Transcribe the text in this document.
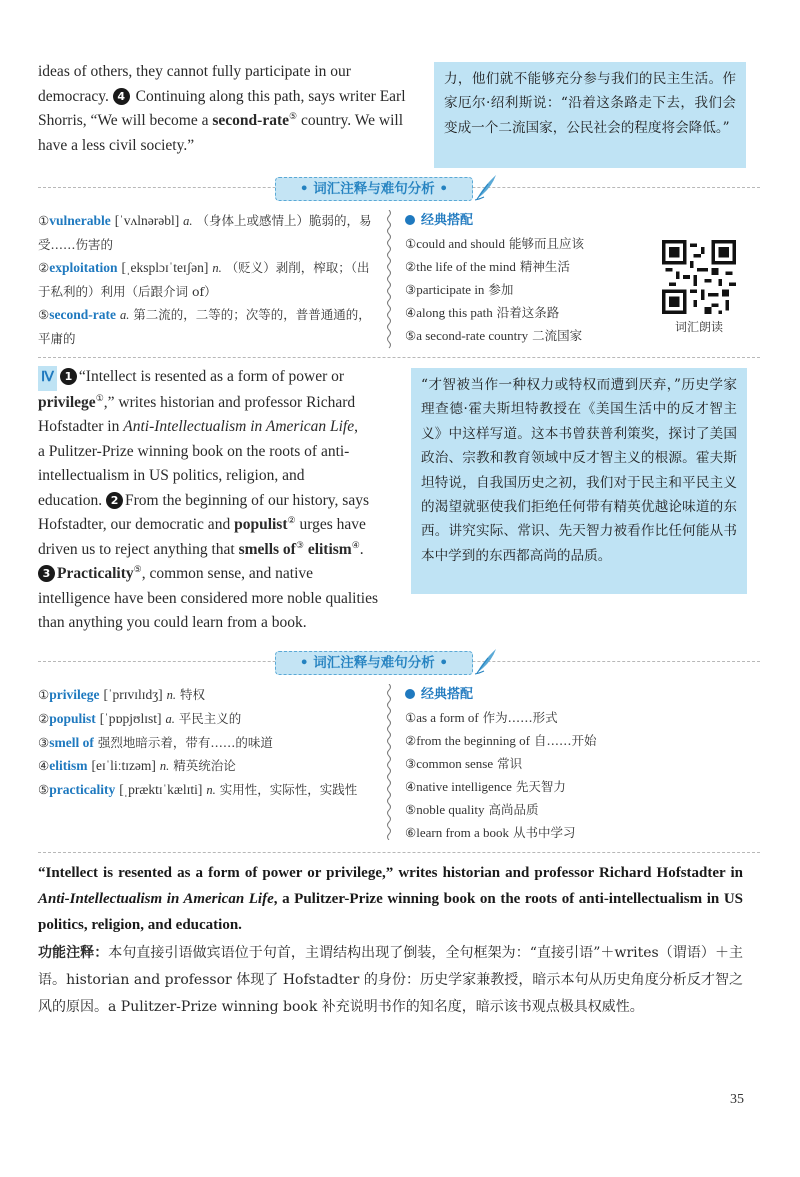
ideas of others, they cannot fully participate in our
democracy. 4 Continuing along this path, says writer Earl
Shorris, “We will become a second-rate⑤ country. We will
have a less civil society.”
力，他们就不能够充分参与我们的民主生活。作家厄尔·绍利斯说：“沿着这条路走下去，我们会变成一个二流国家，公民社会的程度将会降低。”
• 词汇注释与难句分析 •
①vulnerable [ˈvʌlnərəbl] a. （身体上或感情上）脆弱的，易受……伤害的
②exploitation [ˌeksplɔɪˈteɪʃən] n. （贬义）剥削，榨取；（出于私利的）利用（后跟介词 of）
⑤second-rate a. 第二流的，二等的；次等的，普普通通的，平庸的
经典搭配
①could and should 能够而且应该
②the life of the mind 精神生活
③participate in 参加
④along this path 沿着这条路
⑤a second-rate country 二流国家
词汇朗读
Ⅳ 1 “Intellect is resented as a form of power or
privilege①,” writes historian and professor Richard
Hofstadter in Anti-Intellectualism in American Life,
a Pulitzer-Prize winning book on the roots of anti-
intellectualism in US politics, religion, and
education. 2 From the beginning of our history, says
Hofstadter, our democratic and populist② urges have
driven us to reject anything that smells of③ elitism④.
3 Practicality⑤, common sense, and native
intelligence have been considered more noble qualities
than anything you could learn from a book.
“才智被当作一种权力或特权而遭到厌弃，”历史学家理查德·霍夫斯坦特教授在《美国生活中的反才智主义》中这样写道。这本书曾获普利策奖，探讨了美国政治、宗教和教育领域中反才智主义的根源。霍夫斯坦特说，自我国历史之初，我们对于民主和平民主义的渴望就驱使我们拒绝任何带有精英优越论味道的东西。讲究实际、常识、先天智力被看作比任何能从书本中学到的东西都高尚的品质。
• 词汇注释与难句分析 •
①privilege [ˈprɪvɪlɪdʒ] n. 特权
②populist [ˈpɒpjʊlɪst] a. 平民主义的
③smell of 强烈地暗示着，带有……的味道
④elitism [eɪˈliːtɪzəm] n. 精英统治论
⑤practicality [ˌpræktɪˈkælɪti] n. 实用性，实际性，实践性
经典搭配
①as a form of 作为……形式
②from the beginning of 自……开始
③common sense 常识
④native intelligence 先天智力
⑤noble quality 高尚品质
⑥learn from a book 从书中学习
“Intellect is resented as a form of power or privilege,” writes historian and professor Richard Hofstadter in Anti-Intellectualism in American Life, a Pulitzer-Prize winning book on the roots of anti-intellectualism in US politics, religion, and education.
功能注释：本句直接引语做宾语位于句首，主谓结构出现了倒装，全句框架为：“直接引语”＋writes（谓语）＋主语。historian and professor 体现了 Hofstadter 的身份：历史学家兼教授，暗示本句从历史角度分析反才智之风的原因。a Pulitzer-Prize winning book 补充说明书作的知名度，暗示该书观点极具权威性。
35
